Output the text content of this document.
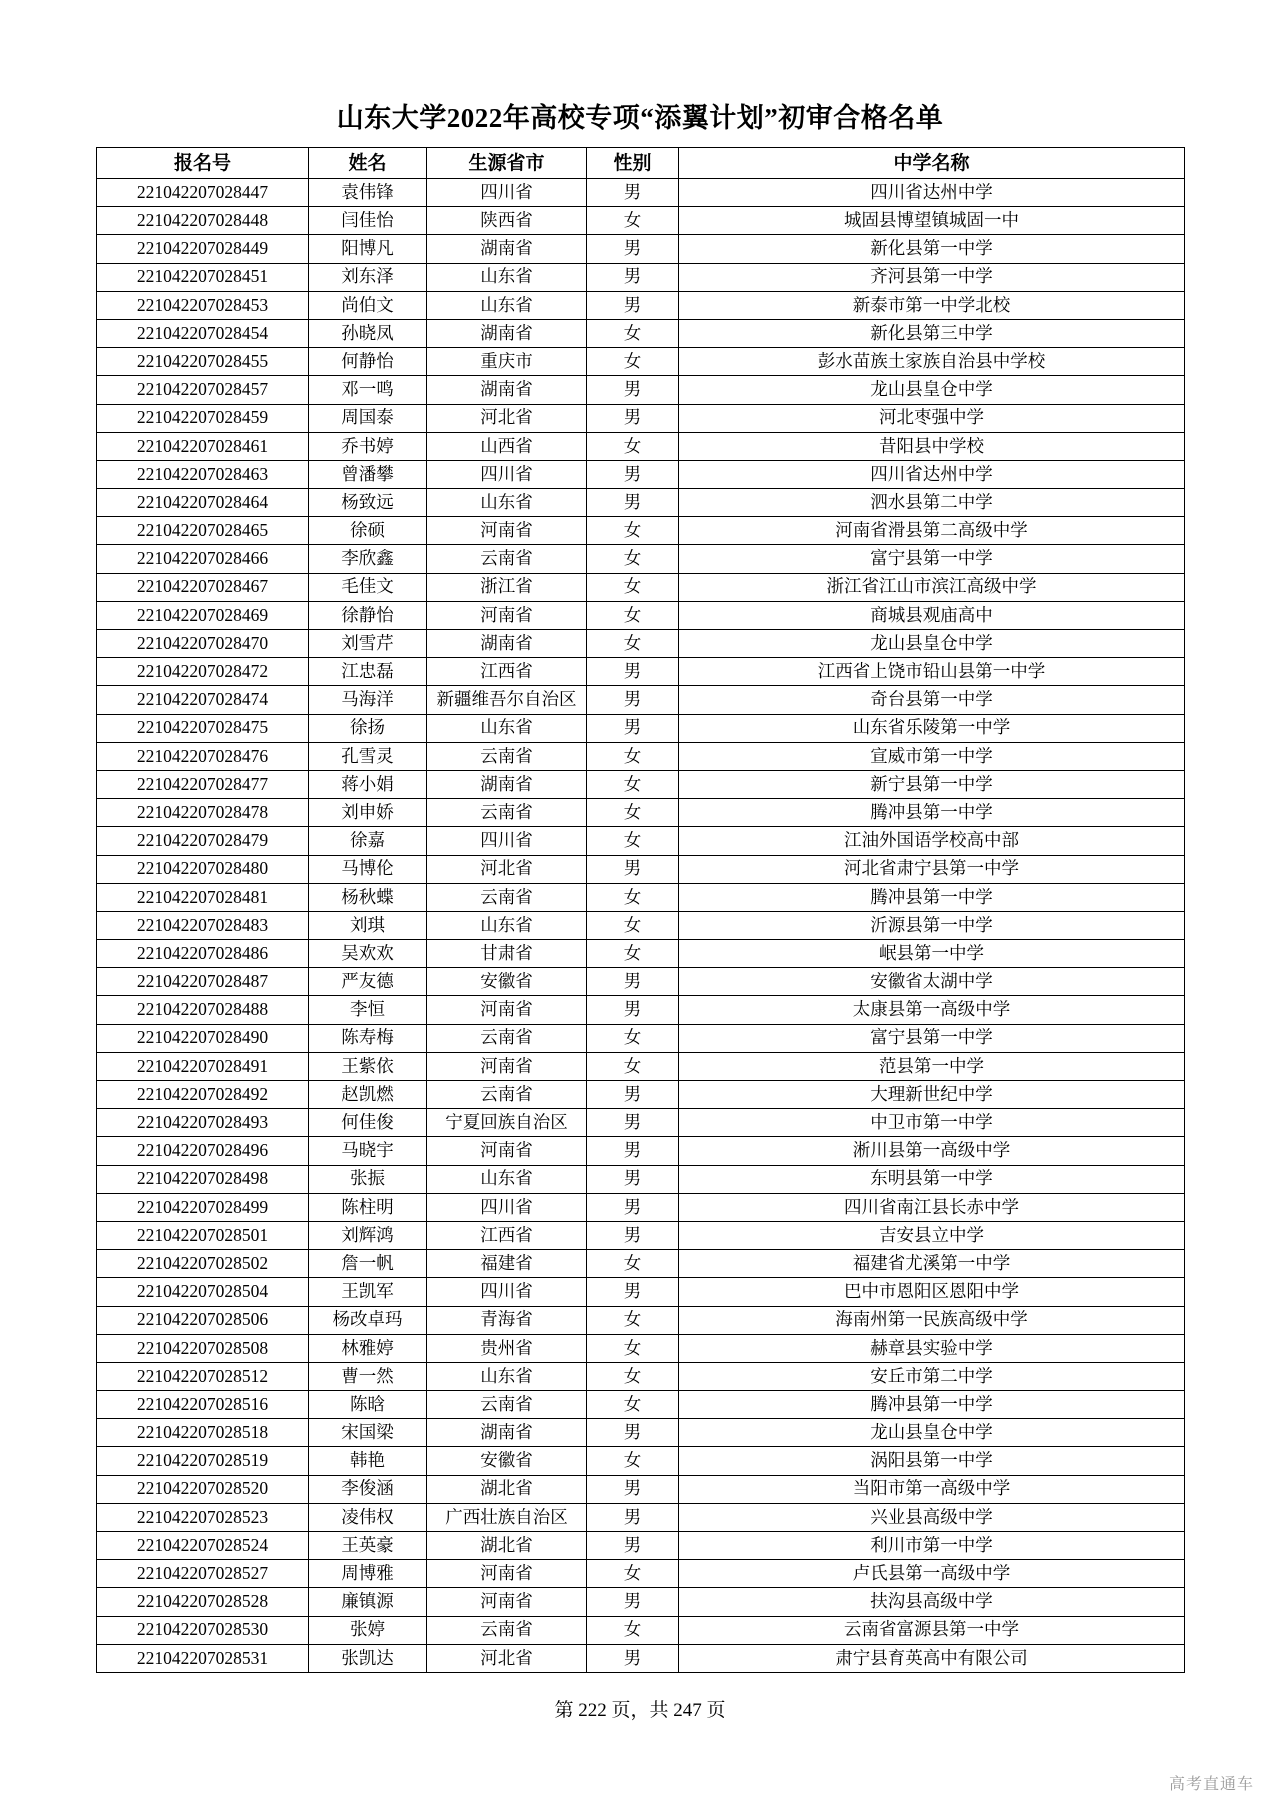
山东大学2022年高校专项“添翼计划”初审合格名单
报名号	姓名	生源省市	性别	中学名称
221042207028447	袁伟锋	四川省	男	四川省达州中学
221042207028448	闫佳怡	陕西省	女	城固县博望镇城固一中
221042207028449	阳博凡	湖南省	男	新化县第一中学
221042207028451	刘东泽	山东省	男	齐河县第一中学
221042207028453	尚伯文	山东省	男	新泰市第一中学北校
221042207028454	孙晓凤	湖南省	女	新化县第三中学
221042207028455	何静怡	重庆市	女	彭水苗族土家族自治县中学校
221042207028457	邓一鸣	湖南省	男	龙山县皇仓中学
221042207028459	周国泰	河北省	男	河北枣强中学
221042207028461	乔书婷	山西省	女	昔阳县中学校
221042207028463	曾潘攀	四川省	男	四川省达州中学
221042207028464	杨致远	山东省	男	泗水县第二中学
221042207028465	徐硕	河南省	女	河南省滑县第二高级中学
221042207028466	李欣鑫	云南省	女	富宁县第一中学
221042207028467	毛佳文	浙江省	女	浙江省江山市滨江高级中学
221042207028469	徐静怡	河南省	女	商城县观庙高中
221042207028470	刘雪芹	湖南省	女	龙山县皇仓中学
221042207028472	江忠磊	江西省	男	江西省上饶市铅山县第一中学
221042207028474	马海洋	新疆维吾尔自治区	男	奇台县第一中学
221042207028475	徐扬	山东省	男	山东省乐陵第一中学
221042207028476	孔雪灵	云南省	女	宣威市第一中学
221042207028477	蒋小娟	湖南省	女	新宁县第一中学
221042207028478	刘申娇	云南省	女	腾冲县第一中学
221042207028479	徐嘉	四川省	女	江油外国语学校高中部
221042207028480	马博伦	河北省	男	河北省肃宁县第一中学
221042207028481	杨秋蝶	云南省	女	腾冲县第一中学
221042207028483	刘琪	山东省	女	沂源县第一中学
221042207028486	吴欢欢	甘肃省	女	岷县第一中学
221042207028487	严友德	安徽省	男	安徽省太湖中学
221042207028488	李恒	河南省	男	太康县第一高级中学
221042207028490	陈寿梅	云南省	女	富宁县第一中学
221042207028491	王紫依	河南省	女	范县第一中学
221042207028492	赵凯燃	云南省	男	大理新世纪中学
221042207028493	何佳俊	宁夏回族自治区	男	中卫市第一中学
221042207028496	马晓宇	河南省	男	淅川县第一高级中学
221042207028498	张振	山东省	男	东明县第一中学
221042207028499	陈柱明	四川省	男	四川省南江县长赤中学
221042207028501	刘辉鸿	江西省	男	吉安县立中学
221042207028502	詹一帆	福建省	女	福建省尤溪第一中学
221042207028504	王凯军	四川省	男	巴中市恩阳区恩阳中学
221042207028506	杨改卓玛	青海省	女	海南州第一民族高级中学
221042207028508	林雅婷	贵州省	女	赫章县实验中学
221042207028512	曹一然	山东省	女	安丘市第二中学
221042207028516	陈晗	云南省	女	腾冲县第一中学
221042207028518	宋国梁	湖南省	男	龙山县皇仓中学
221042207028519	韩艳	安徽省	女	涡阳县第一中学
221042207028520	李俊涵	湖北省	男	当阳市第一高级中学
221042207028523	凌伟权	广西壮族自治区	男	兴业县高级中学
221042207028524	王英豪	湖北省	男	利川市第一中学
221042207028527	周博雅	河南省	女	卢氏县第一高级中学
221042207028528	廉镇源	河南省	男	扶沟县高级中学
221042207028530	张婷	云南省	女	云南省富源县第一中学
221042207028531	张凯达	河北省	男	肃宁县育英高中有限公司
第 222 页，共 247 页
高考直通车
